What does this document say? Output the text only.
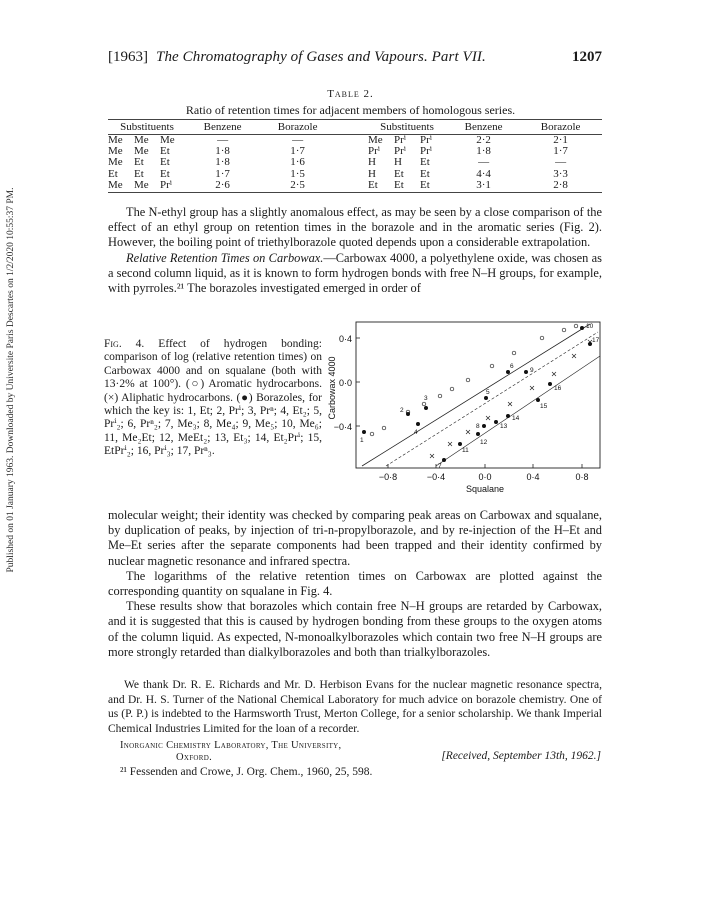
Published on 01 January 1963. Downloaded by Universite Paris Descartes on 1/2/2020 10:55:37 PM.
[1963] The Chromatography of Gases and Vapours. Part VII.	1207
Table 2.
Ratio of retention times for adjacent members of homologous series.
Substituents			Benzene	Borazole
Me	Me	Me	—	—
Me	Me	Et	1·8	1·7
Me	Et	Et	1·8	1·6
Et	Et	Et	1·7	1·5
Me	Me	Prⁱ	2·6	2·5
Substituents			Benzene	Borazole
Me	Prⁱ	Prⁱ	2·2	2·1
Prⁱ	Prⁱ	Prⁱ	1·8	1·7
H	H	Et	—	—
H	Et	Et	4·4	3·3
Et	Et	Et	3·1	2·8

The N-ethyl group has a slightly anomalous effect, as may be seen by a close comparison of the effect of an ethyl group on retention times in the borazole and in the aromatic series (Fig. 2). However, the boiling point of triethylborazole quoted depends upon a considerable extrapolation.

Relative Retention Times on Carbowax.—Carbowax 4000, a polyethylene oxide, was chosen as a second column liquid, as it is known to form hydrogen bonds with free N–H groups, for example, with pyrroles.²¹ The borazoles investigated emerged in order of

Fig. 4. Effect of hydrogen bonding: comparison of log (relative retention times) on Carbowax 4000 and on squalane (both with 13·2% at 100°). (○) Aromatic hydrocarbons. (×) Aliphatic hydrocarbons. (●) Borazoles, for which the key is: 1, Et; 2, Prⁱ; 3, Prⁿ; 4, Et₂; 5, Prⁱ₂; 6, Prⁿ₂; 7, Me₃; 8, Me₄; 9, Me₅; 10, Me₆; 11, Me₂Et; 12, MeEt₂; 13, Et₃; 14, Et₂Prⁱ; 15, EtPrⁱ₂; 16, Prⁱ₃; 17, Prⁿ₃.
1
2
3
4
5
6
7
8
9
10
11
12
13
14
15
16
17
−0·8	−0·4	0·0	0·4	0·8
0·4
0·0
−0·4
Squalane
Carbowax 4000

molecular weight; their identity was checked by comparing peak areas on Carbowax and squalane, by duplication of peaks, by injection of tri-n-propylborazole, and by re-injection of the H–Et and Me–Et series after the separate components had been trapped and their identity confirmed by nuclear magnetic resonance and infrared spectra.

The logarithms of the relative retention times on Carbowax are plotted against the corresponding quantity on squalane in Fig. 4.

These results show that borazoles which contain free N–H groups are retarded by Carbowax, and it is suggested that this is caused by hydrogen bonding from these groups to the oxygen atoms of the column liquid. As expected, N-monoalkylborazoles which contain two free N–H groups are more strongly retarded than dialkylborazoles and both than trialkylborazoles.

We thank Dr. R. E. Richards and Mr. D. Herbison Evans for the nuclear magnetic resonance spectra, and Dr. H. S. Turner of the National Chemical Laboratory for much advice on borazole chemistry. One of us (P. P.) is indebted to the Harmsworth Trust, Merton College, for a senior scholarship. We thank Imperial Chemical Industries Limited for the loan of a recorder.

Inorganic Chemistry Laboratory, The University,
Oxford.	[Received, September 13th, 1962.]
²¹ Fessenden and Crowe, J. Org. Chem., 1960, 25, 598.
